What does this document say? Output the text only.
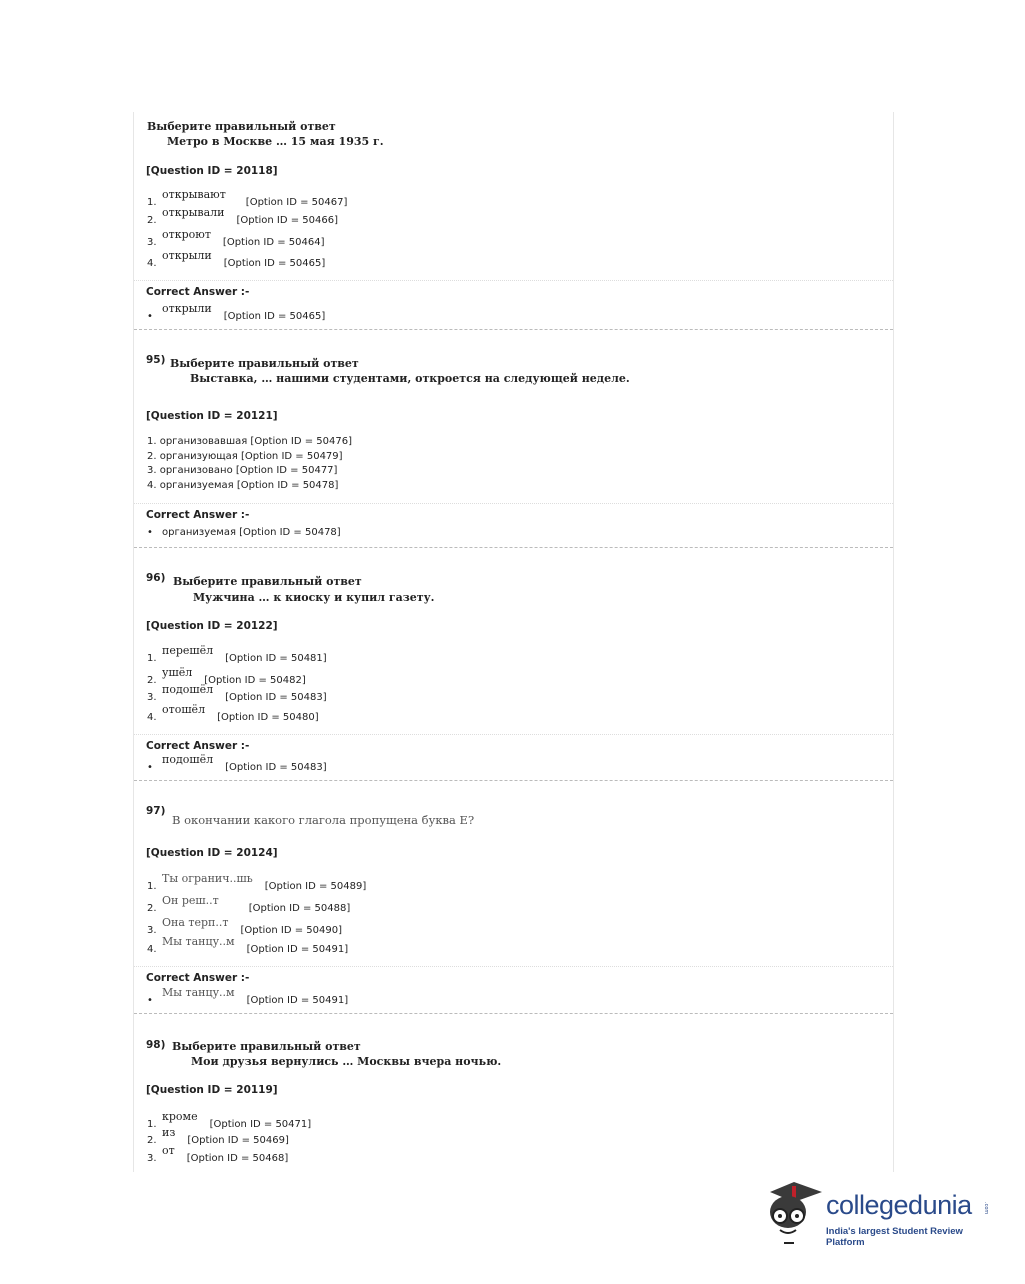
Выберите правильный ответ
Метро в Москве … 15 мая 1935 г.
[Question ID = 20118]
1.открывают[Option ID = 50467]
2.открывали[Option ID = 50466]
3.откроют[Option ID = 50464]
4.открыли[Option ID = 50465]
Correct Answer :-
•открыли[Option ID = 50465]
95) Выберите правильный ответ
Выставка, … нашими студентами, откроется на следующей неделе.
[Question ID = 20121]
1. организовавшая [Option ID = 50476]
2. организующая [Option ID = 50479]
3. организовано [Option ID = 50477]
4. организуемая [Option ID = 50478]
Correct Answer :-
• организуемая [Option ID = 50478]
96) Выберите правильный ответ
Мужчина … к киоску и купил газету.
[Question ID = 20122]
1.перешёл[Option ID = 50481]
2.ушёл[Option ID = 50482]
3.подошёл[Option ID = 50483]
4.отошёл[Option ID = 50480]
Correct Answer :-
•подошёл[Option ID = 50483]
97)
В окончании какого глагола пропущена буква Е?
[Question ID = 20124]
1.Ты огранич..шь[Option ID = 50489]
2.Он реш..т[Option ID = 50488]
3.Она терп..т[Option ID = 50490]
4.Мы танцу..м[Option ID = 50491]
Correct Answer :-
•Мы танцу..м[Option ID = 50491]
98) Выберите правильный ответ
Мои друзья вернулись … Москвы вчера ночью.
[Question ID = 20119]
1.кроме[Option ID = 50471]
2.из[Option ID = 50469]
3.от[Option ID = 50468]
collegedunia .com
India's largest Student Review Platform
